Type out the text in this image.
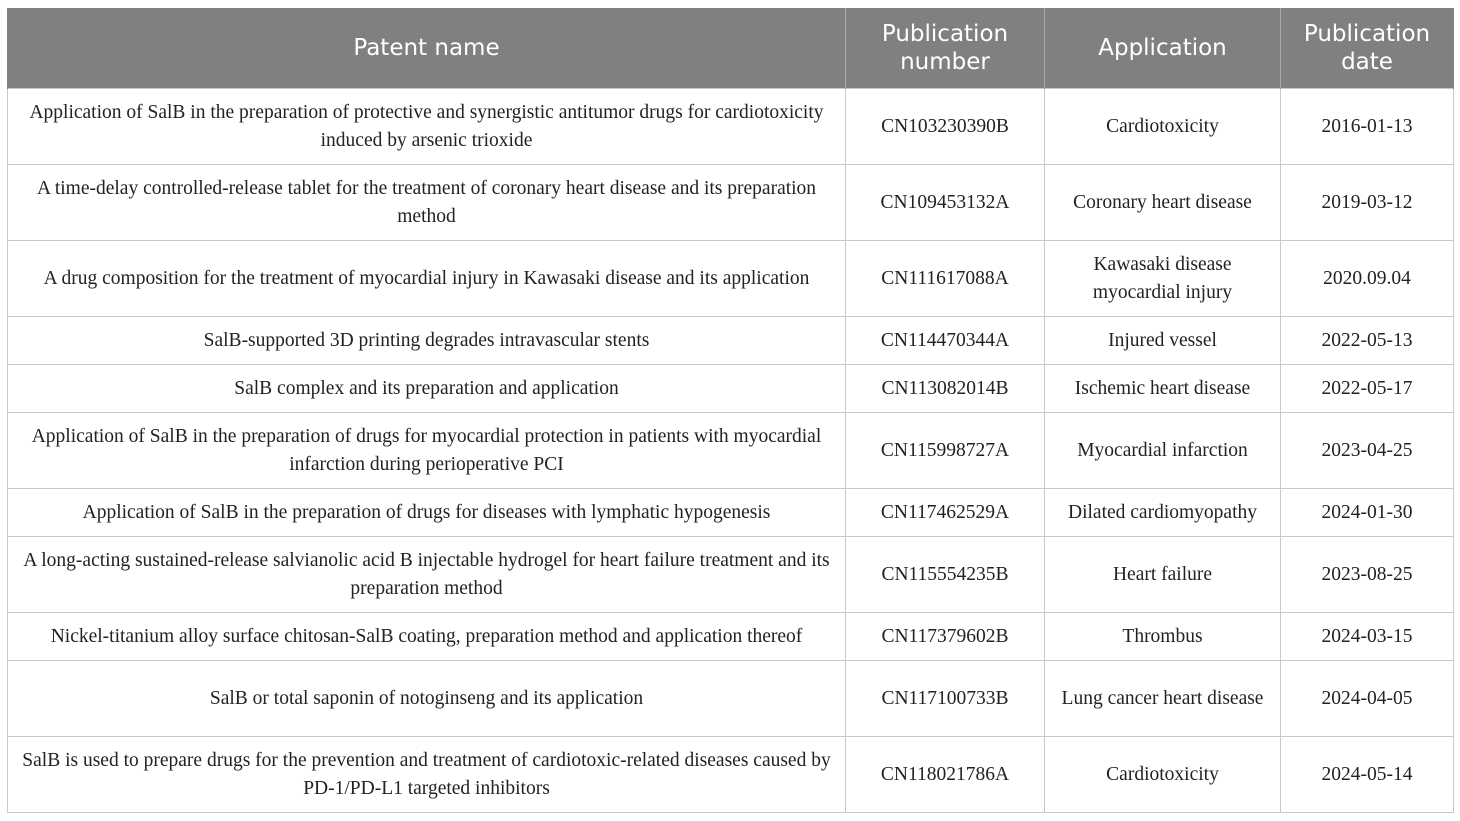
Patent name	Publication number	Application	Publication date
Application of SalB in the preparation of protective and synergistic antitumor drugs for cardiotoxicity induced by arsenic trioxide	CN103230390B	Cardiotoxicity	2016-01-13
A time-delay controlled-release tablet for the treatment of coronary heart disease and its preparation method	CN109453132A	Coronary heart disease	2019-03-12
A drug composition for the treatment of myocardial injury in Kawasaki disease and its application	CN111617088A	Kawasaki disease myocardial injury	2020.09.04
SalB-supported 3D printing degrades intravascular stents	CN114470344A	Injured vessel	2022-05-13
SalB complex and its preparation and application	CN113082014B	Ischemic heart disease	2022-05-17
Application of SalB in the preparation of drugs for myocardial protection in patients with myocardial infarction during perioperative PCI	CN115998727A	Myocardial infarction	2023-04-25
Application of SalB in the preparation of drugs for diseases with lymphatic hypogenesis	CN117462529A	Dilated cardiomyopathy	2024-01-30
A long-acting sustained-release salvianolic acid B injectable hydrogel for heart failure treatment and its preparation method	CN115554235B	Heart failure	2023-08-25
Nickel-titanium alloy surface chitosan-SalB coating, preparation method and application thereof	CN117379602B	Thrombus	2024-03-15
SalB or total saponin of notoginseng and its application	CN117100733B	Lung cancer heart disease	2024-04-05
SalB is used to prepare drugs for the prevention and treatment of cardiotoxic-related diseases caused by PD-1/PD-L1 targeted inhibitors	CN118021786A	Cardiotoxicity	2024-05-14
